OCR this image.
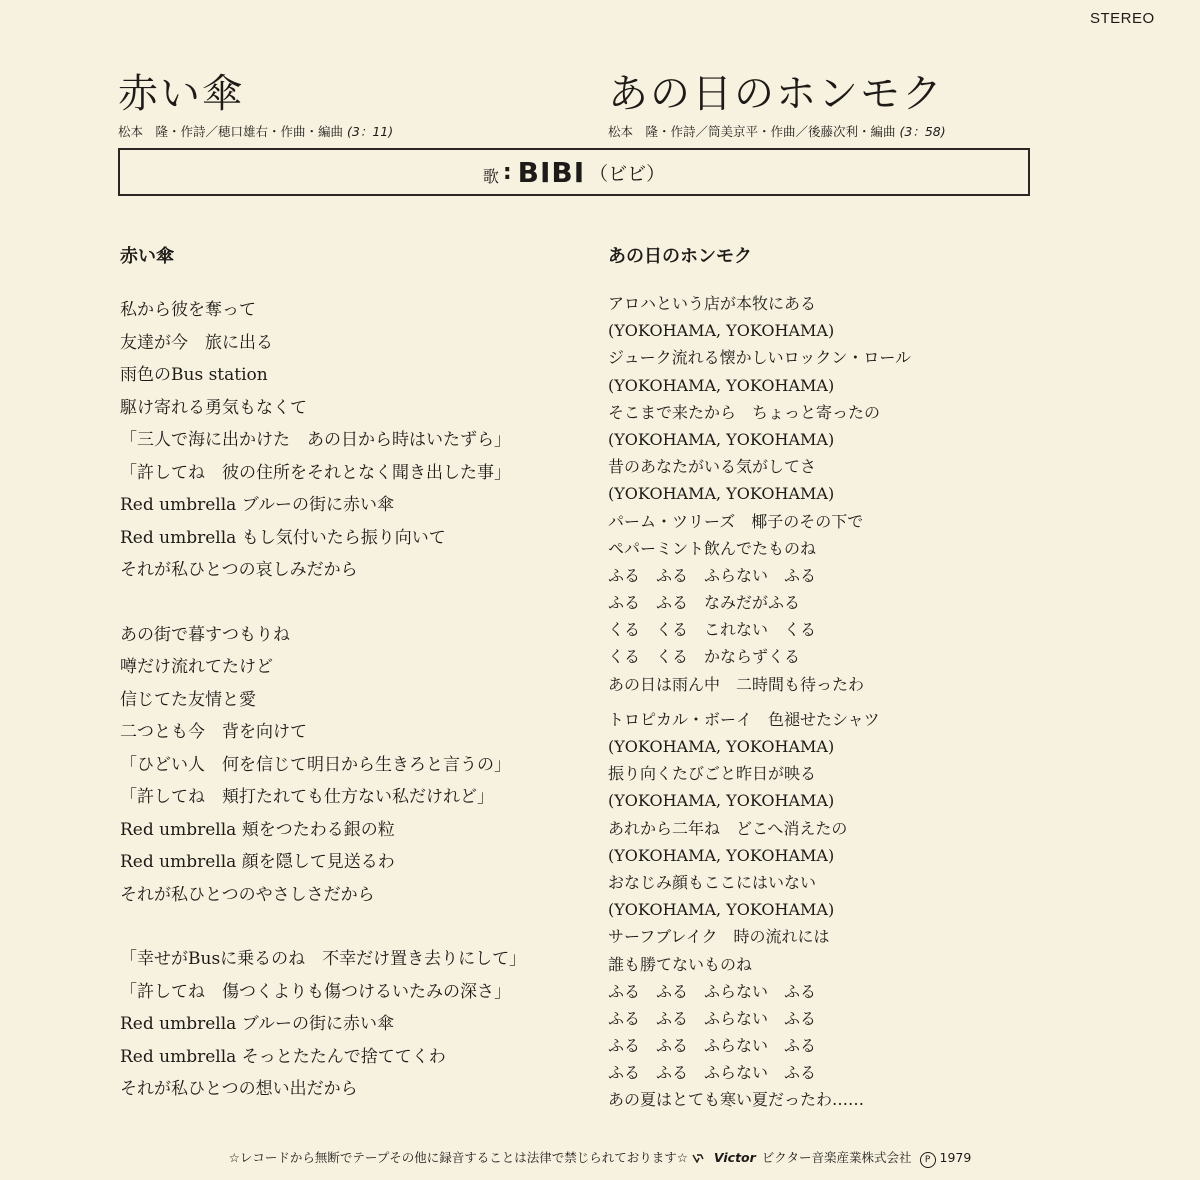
STEREO
赤い傘	あの日のホンモク
松本　隆・作詩／穂口雄右・作曲・編曲 (3：11)	松本　隆・作詩／筒美京平・作曲／後藤次利・編曲 (3：58)
歌 : BIBI （ビビ）
赤い傘
私から彼を奪って
友達が今　旅に出る
雨色のBus station
駆け寄れる勇気もなくて
「三人で海に出かけた　あの日から時はいたずら」
「許してね　彼の住所をそれとなく聞き出した事」
Red umbrella ブルーの街に赤い傘
Red umbrella もし気付いたら振り向いて
それが私ひとつの哀しみだから
あの街で暮すつもりね
噂だけ流れてたけど
信じてた友情と愛
二つとも今　背を向けて
「ひどい人　何を信じて明日から生きろと言うの」
「許してね　頬打たれても仕方ない私だけれど」
Red umbrella 頬をつたわる銀の粒
Red umbrella 顔を隠して見送るわ
それが私ひとつのやさしさだから
「幸せがBusに乗るのね　不幸だけ置き去りにして」
「許してね　傷つくよりも傷つけるいたみの深さ」
Red umbrella ブルーの街に赤い傘
Red umbrella そっとたたんで捨ててくわ
それが私ひとつの想い出だから
あの日のホンモク
アロハという店が本牧にある
(YOKOHAMA, YOKOHAMA)
ジューク流れる懐かしいロックン・ロール
(YOKOHAMA, YOKOHAMA)
そこまで来たから　ちょっと寄ったの
(YOKOHAMA, YOKOHAMA)
昔のあなたがいる気がしてさ
(YOKOHAMA, YOKOHAMA)
パーム・ツリーズ　椰子のその下で
ペパーミント飲んでたものね
ふる　ふる　ふらない　ふる
ふる　ふる　なみだがふる
くる　くる　これない　くる
くる　くる　かならずくる
あの日は雨ん中　二時間も待ったわ
トロピカル・ボーイ　色褪せたシャツ
(YOKOHAMA, YOKOHAMA)
振り向くたびごと昨日が映る
(YOKOHAMA, YOKOHAMA)
あれから二年ね　どこへ消えたの
(YOKOHAMA, YOKOHAMA)
おなじみ顔もここにはいない
(YOKOHAMA, YOKOHAMA)
サーフブレイク　時の流れには
誰も勝てないものね
ふる　ふる　ふらない　ふる
ふる　ふる　ふらない　ふる
ふる　ふる　ふらない　ふる
ふる　ふる　ふらない　ふる
あの夏はとても寒い夏だったわ……
☆レコードから無断でテープその他に録音することは法律で禁じられております☆ Victor ビクター音楽産業株式会社 P 1979
